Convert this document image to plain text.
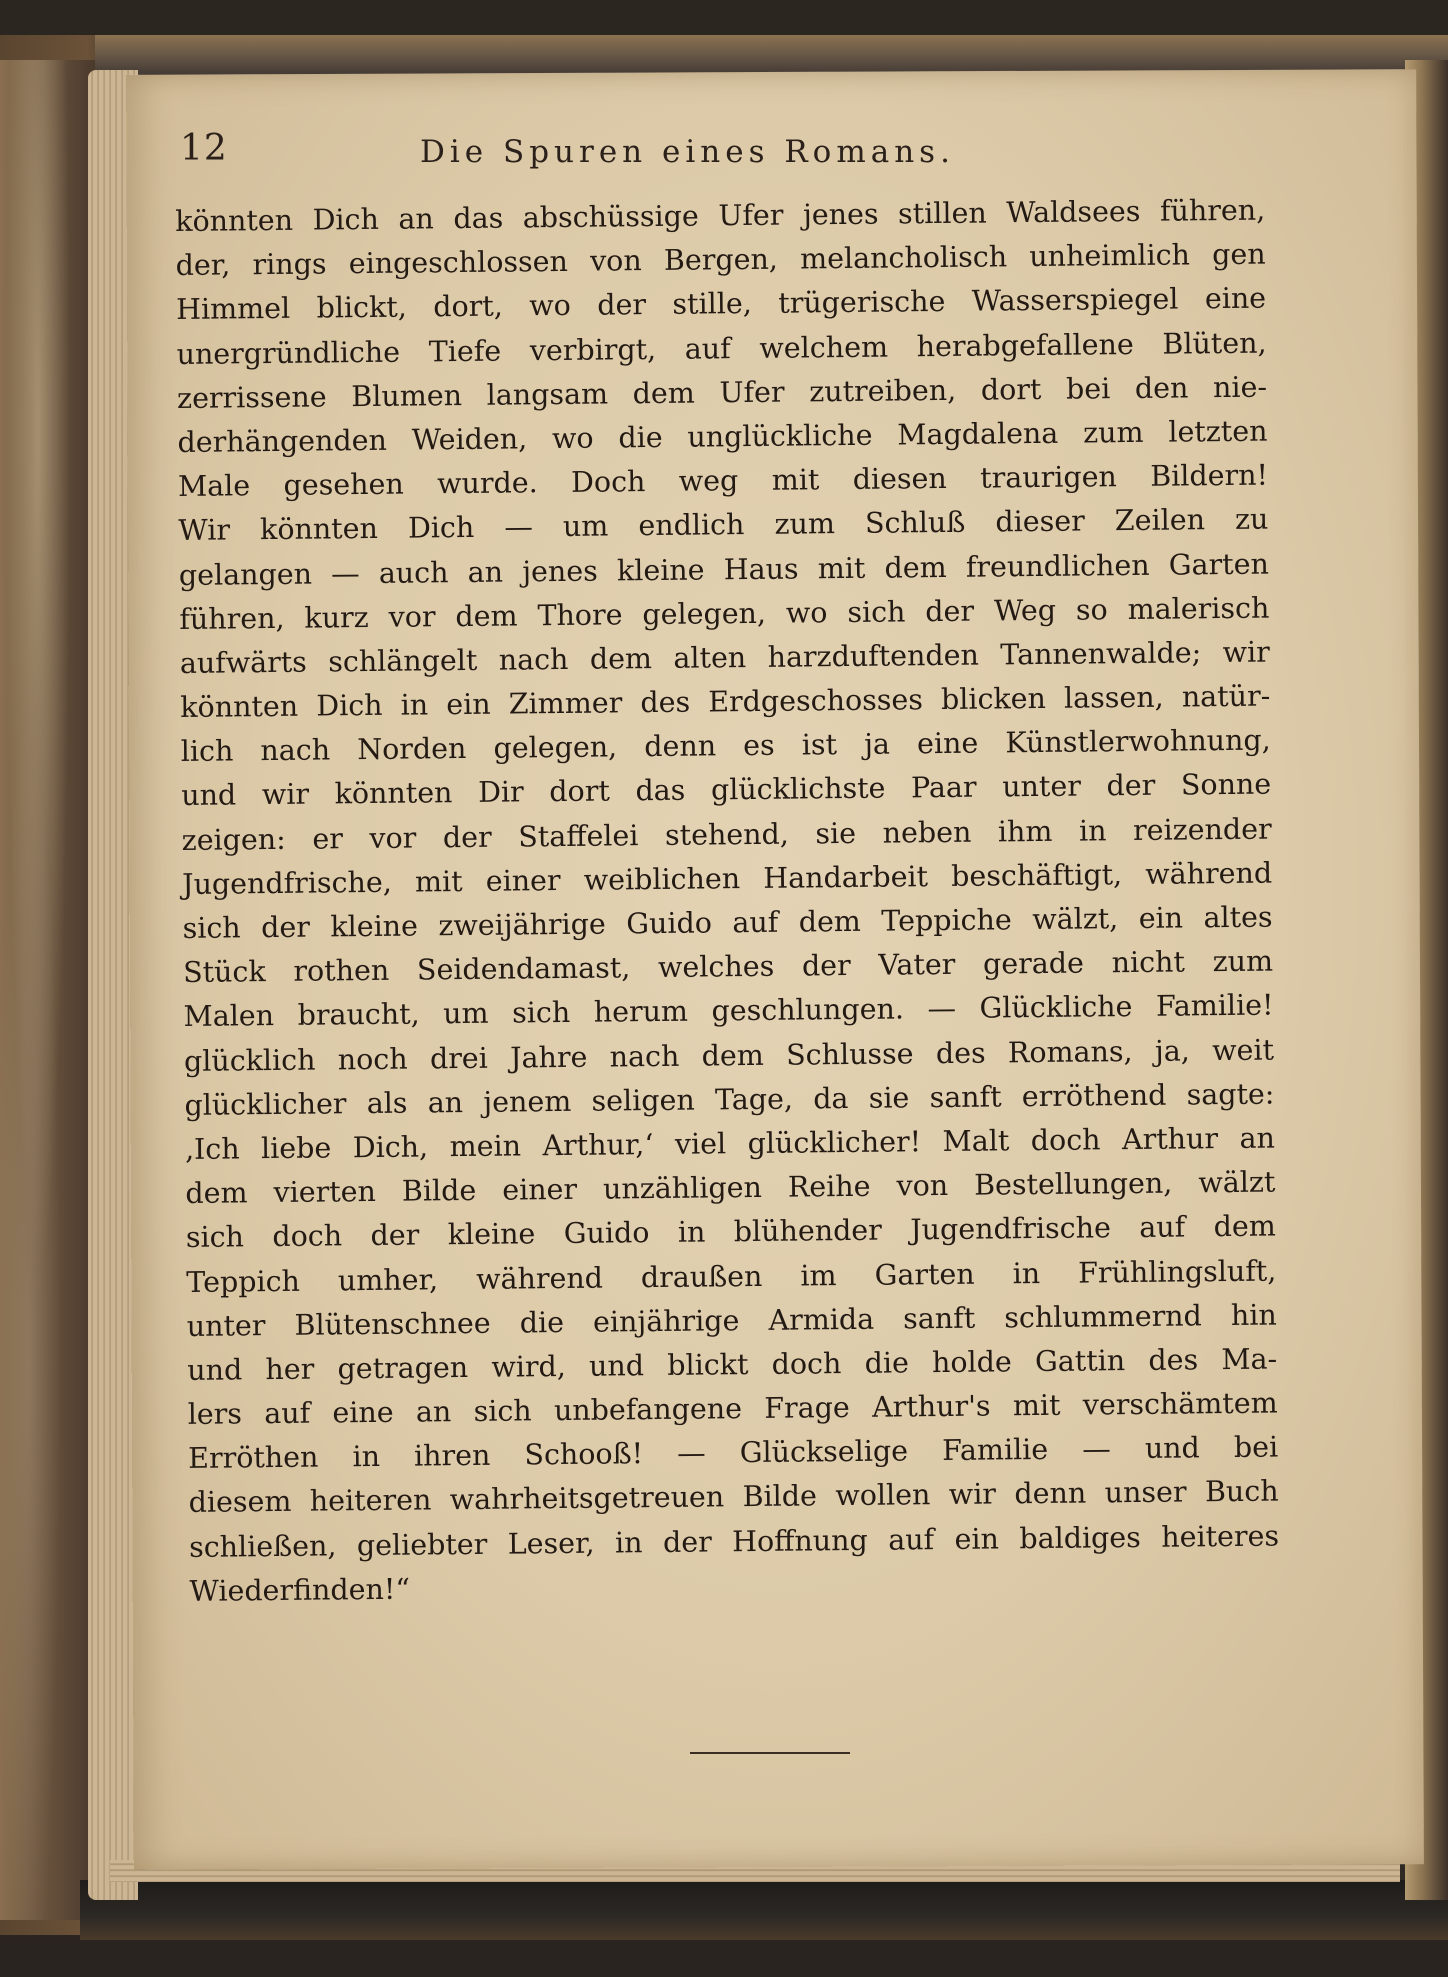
12	Die Spuren eines Romans.
könnten Dich an das abschüssige Ufer jenes stillen Waldsees führen,
der, rings eingeschlossen von Bergen, melancholisch unheimlich gen
Himmel blickt, dort, wo der stille, trügerische Wasserspiegel eine
unergründliche Tiefe verbirgt, auf welchem herabgefallene Blüten,
zerrissene Blumen langsam dem Ufer zutreiben, dort bei den nie-
derhängenden Weiden, wo die unglückliche Magdalena zum letzten
Male gesehen wurde. Doch weg mit diesen traurigen Bildern!
Wir könnten Dich — um endlich zum Schluß dieser Zeilen zu
gelangen — auch an jenes kleine Haus mit dem freundlichen Garten
führen, kurz vor dem Thore gelegen, wo sich der Weg so malerisch
aufwärts schlängelt nach dem alten harzduftenden Tannenwalde; wir
könnten Dich in ein Zimmer des Erdgeschosses blicken lassen, natür-
lich nach Norden gelegen, denn es ist ja eine Künstlerwohnung,
und wir könnten Dir dort das glücklichste Paar unter der Sonne
zeigen: er vor der Staffelei stehend, sie neben ihm in reizender
Jugendfrische, mit einer weiblichen Handarbeit beschäftigt, während
sich der kleine zweijährige Guido auf dem Teppiche wälzt, ein altes
Stück rothen Seidendamast, welches der Vater gerade nicht zum
Malen braucht, um sich herum geschlungen. — Glückliche Familie!
glücklich noch drei Jahre nach dem Schlusse des Romans, ja, weit
glücklicher als an jenem seligen Tage, da sie sanft erröthend sagte:
‚Ich liebe Dich, mein Arthur,‘ viel glücklicher! Malt doch Arthur an
dem vierten Bilde einer unzähligen Reihe von Bestellungen, wälzt
sich doch der kleine Guido in blühender Jugendfrische auf dem
Teppich umher, während draußen im Garten in Frühlingsluft,
unter Blütenschnee die einjährige Armida sanft schlummernd hin
und her getragen wird, und blickt doch die holde Gattin des Ma-
lers auf eine an sich unbefangene Frage Arthur's mit verschämtem
Erröthen in ihren Schooß! — Glückselige Familie — und bei
diesem heiteren wahrheitsgetreuen Bilde wollen wir denn unser Buch
schließen, geliebter Leser, in der Hoffnung auf ein baldiges heiteres
Wiederfinden!“
